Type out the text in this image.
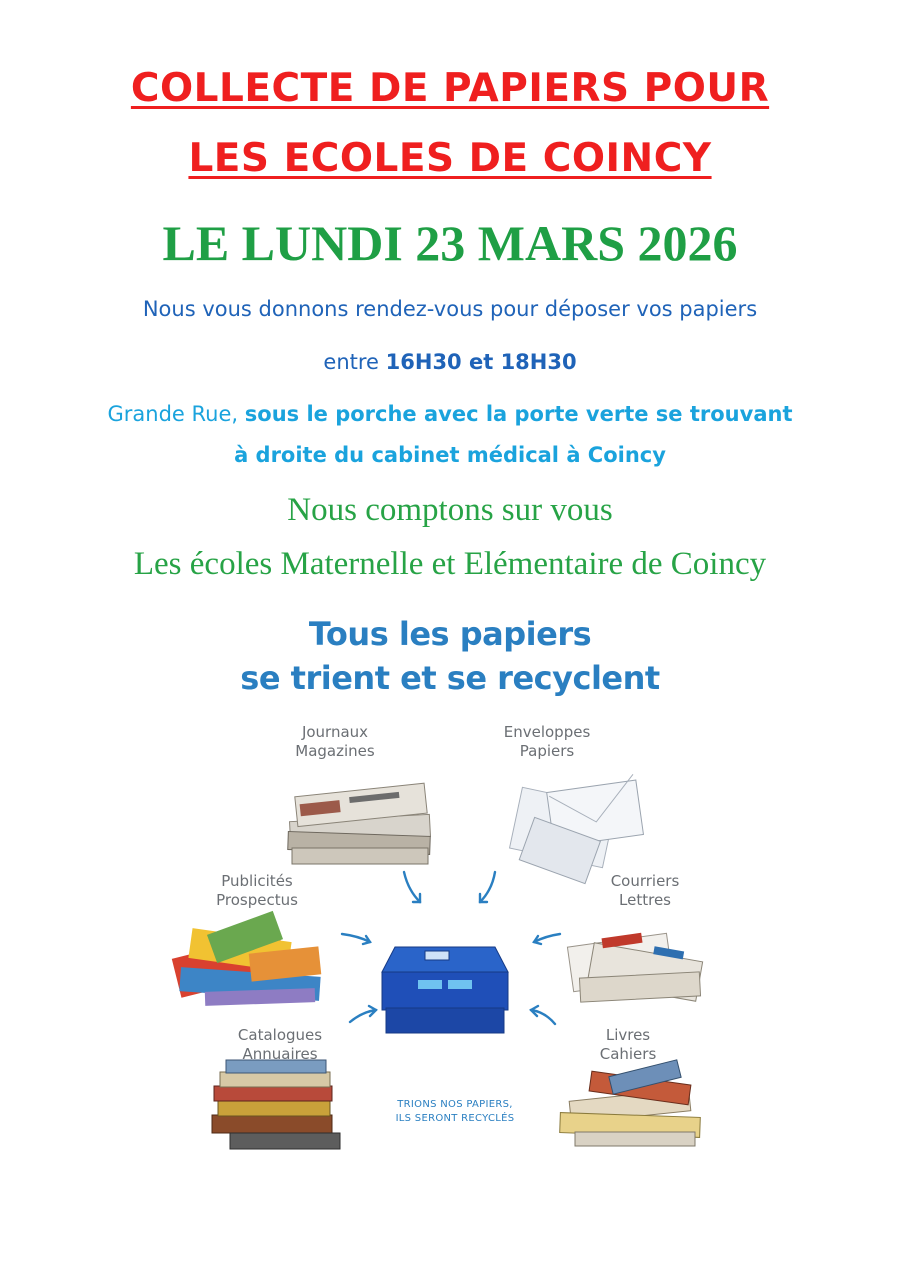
COLLECTE DE PAPIERS POUR
LES ECOLES DE COINCY
LE LUNDI 23 MARS 2026
Nous vous donnons rendez-vous pour déposer vos papiers
entre 16H30 et 18H30
Grande Rue, sous le porche avec la porte verte se trouvant
à droite du cabinet médical à Coincy
Nous comptons sur vous
Les écoles Maternelle et Elémentaire de Coincy
Tous les papiers
se trient et se recyclent
Journaux
Magazines
Enveloppes
Papiers
Publicités
Prospectus
Courriers
Lettres
Catalogues
Annuaires
Livres
Cahiers
TRIONS NOS PAPIERS,
ILS SERONT RECYCLÉS
